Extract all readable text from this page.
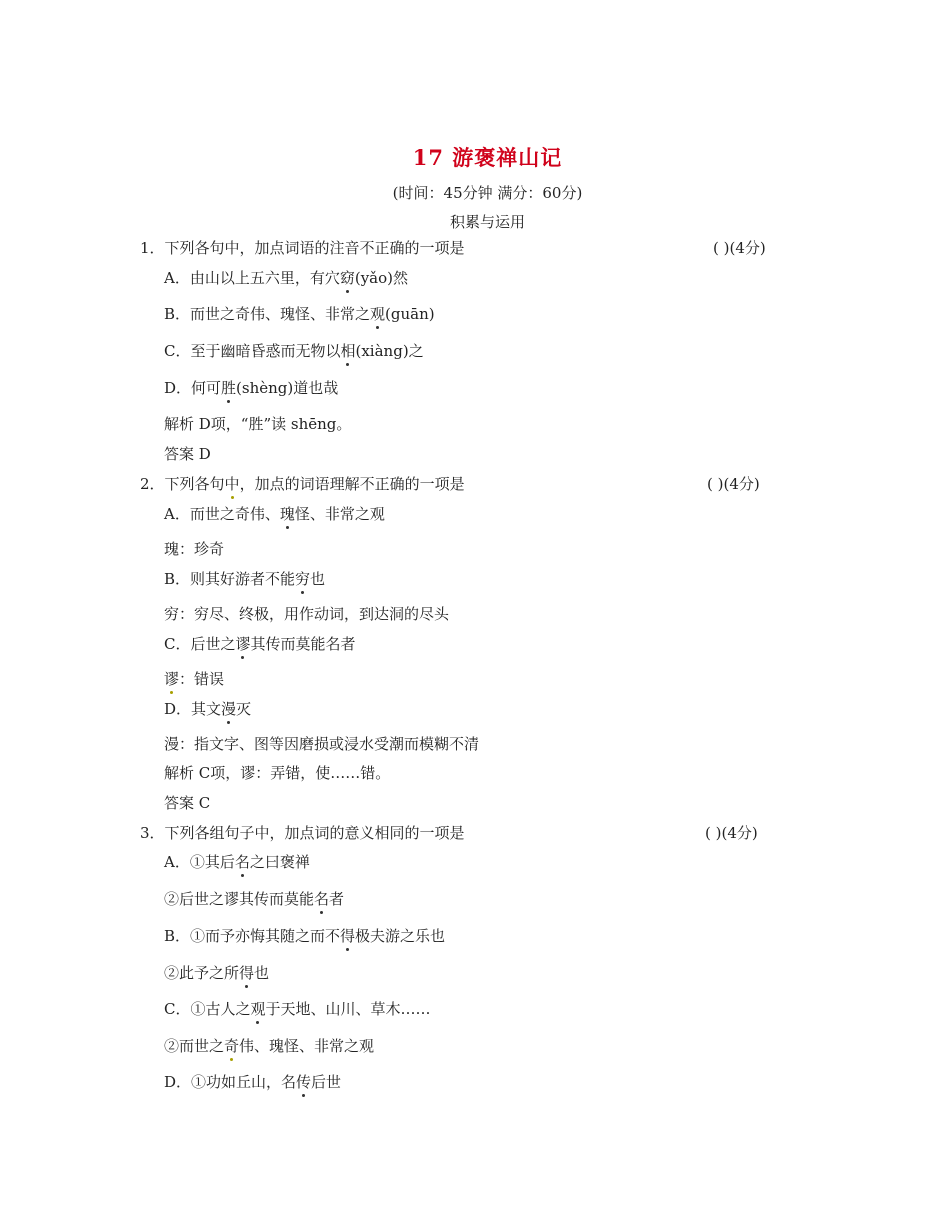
17 游褒禅山记
(时间：45分钟 满分：60分)
积累与运用
1．下列各句中，加点词语的注音不正确的一项是	( )(4分)
A．由山以上五六里，有穴窈(yǎo)然
B．而世之奇伟、瑰怪、非常之观(guān)
C．至于幽暗昏惑而无物以相(xiàng)之
D．何可胜(shèng)道也哉
解析 D项，“胜”读 shēng。
答案 D
2．下列各句中，加点的词语理解不正确的一项是	( )(4分)
A．而世之奇伟、瑰怪、非常之观
瑰：珍奇
B．则其好游者不能穷也
穷：穷尽、终极，用作动词，到达洞的尽头
C．后世之谬其传而莫能名者
谬：错误
D．其文漫灭
漫：指文字、图等因磨损或浸水受潮而模糊不清
解析 C项，谬：弄错，使……错。
答案 C
3．下列各组句子中，加点词的意义相同的一项是	( )(4分)
A．①其后名之曰褒禅
②后世之谬其传而莫能名者
B．①而予亦悔其随之而不得极夫游之乐也
②此予之所得也
C．①古人之观于天地、山川、草木……
②而世之奇伟、瑰怪、非常之观
D．①功如丘山，名传后世
